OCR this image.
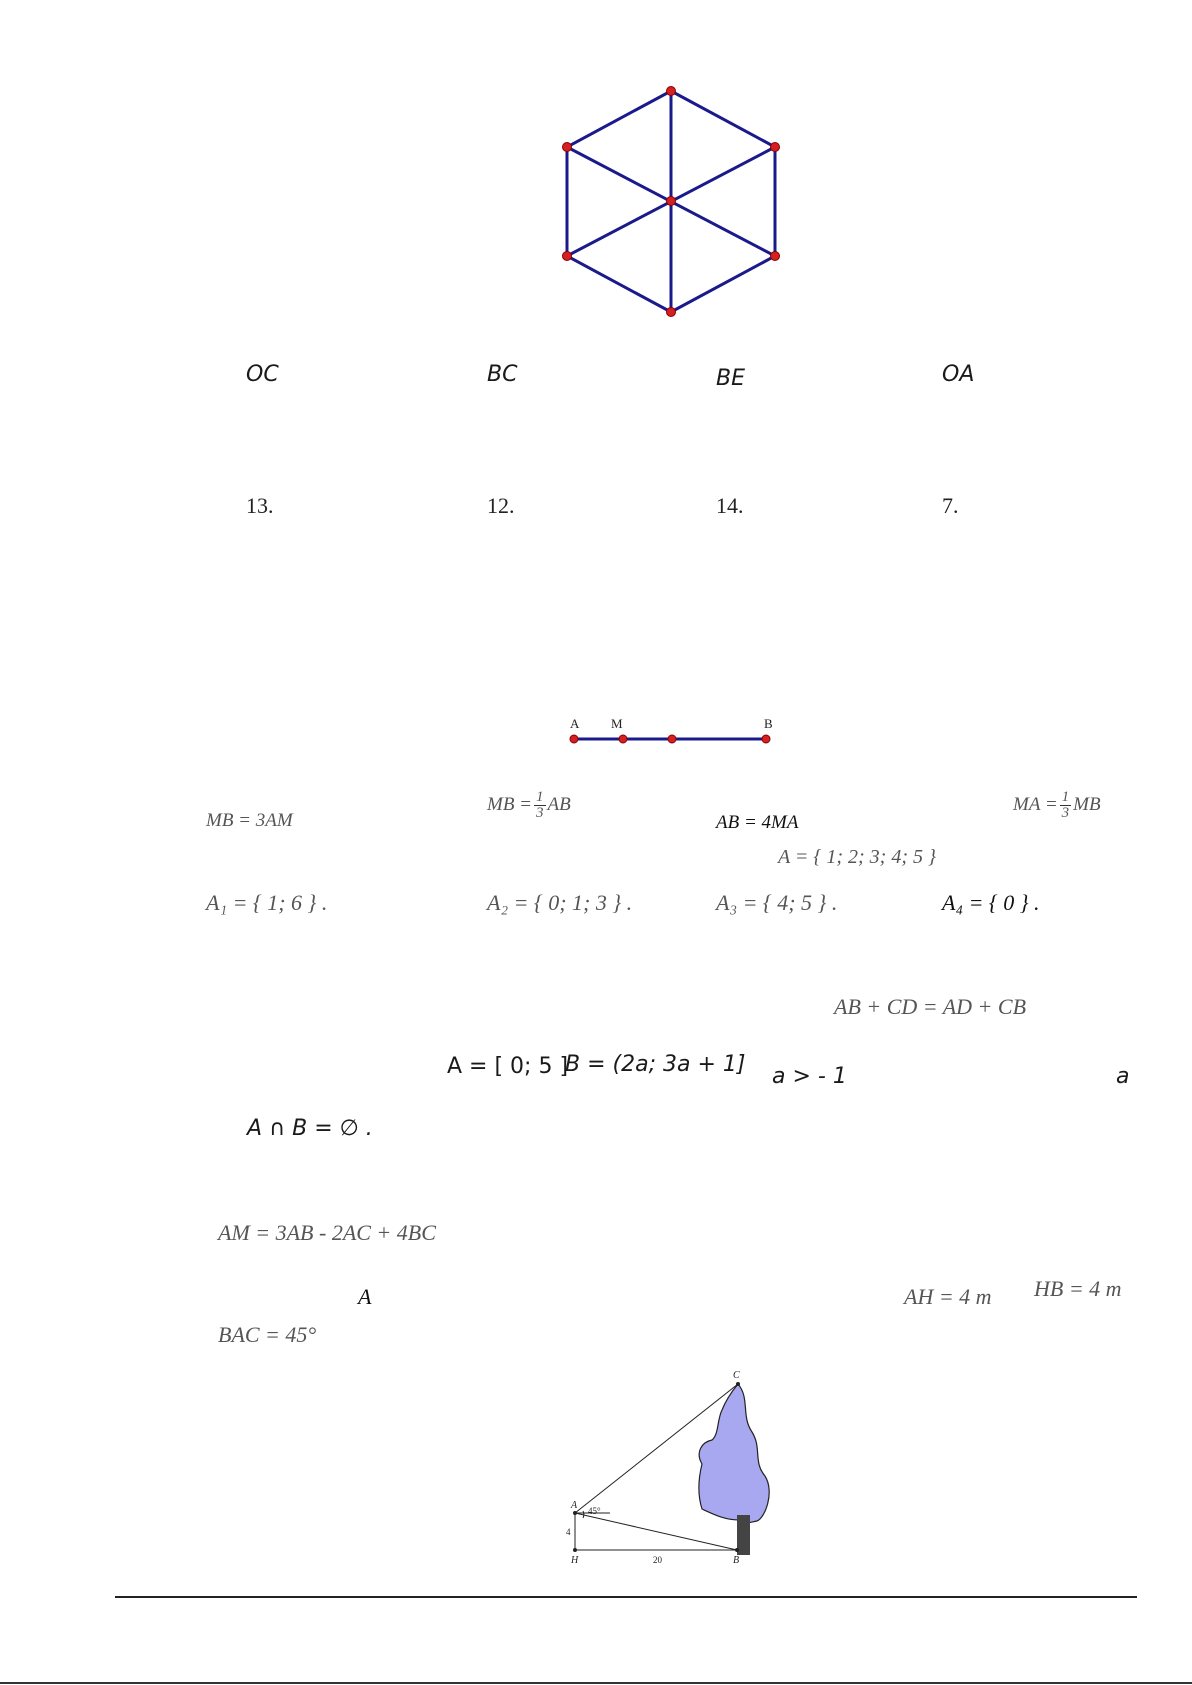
OC	BC	BE	OA
13.	12.	14.	7.
A M	B
MB = 3AM
MB = $\frac{1}{3}$ AB
AB = 4MA
MA = $\frac{1}{3}$ MB
A = { 1; 2; 3; 4; 5 }
A₁ = { 1; 6 } .	A₂ = { 0; 1; 3 } .	A₃ = { 4; 5 } .	A₄ = { 0 } .
AB + CD = AD + CB
A = [ 0; 5 ]
B = (2a; 3a + 1] a > - 1	a
A ∩ B = ∅ .
AM = 3AB - 2AC + 4BC
A	AH = 4 m HB = 4 m
BAC = 45°
C
A
H	B
45°
4
20
